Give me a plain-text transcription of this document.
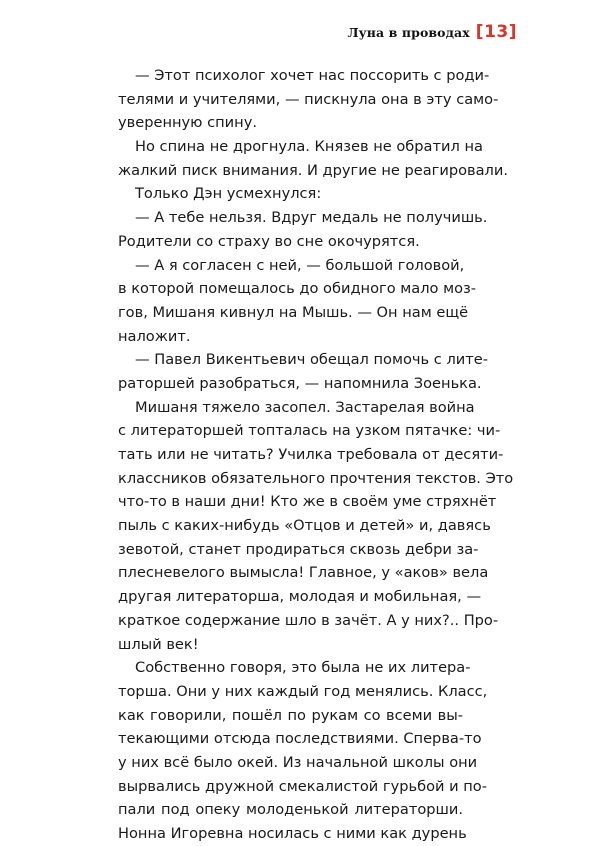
Луна в проводах [13]
— Этот психолог хочет нас поссорить с роди-
телями и учителями, — пискнула она в эту само-
уверенную спину.
Но спина не дрогнула. Князев не обратил на
жалкий писк внимания. И другие не реагировали.
Только Дэн усмехнулся:
— А тебе нельзя. Вдруг медаль не получишь.
Родители со страху во сне окочурятся.
— А я согласен с ней, — большой головой,
в которой помещалось до обидного мало моз-
гов, Мишаня кивнул на Мышь. — Он нам ещё
наложит.
— Павел Викентьевич обещал помочь с лите-
ратоpшей разобраться, — напомнила Зоенька.
Мишаня тяжело засопел. Застарелая война
с литераторшей топталась на узком пятачке: чи-
тать или не читать? Училка требовала от десяти-
классников обязательного прочтения текстов. Это
что-то в наши дни! Кто же в своём уме стряхнёт
пыль с каких-нибудь «Отцов и детей» и, давясь
зевотой, станет продираться сквозь дебри за-
плесневелого вымысла! Главное, у «аков» вела
другая литераторша, молодая и мобильная, —
краткое содержание шло в зачёт. А у них?.. Про-
шлый век!
Собственно говоря, это была не их литера-
торша. Они у них каждый год менялись. Класс,
как говорили, пошёл по рукам со всеми вы-
текающими отсюда последствиями. Сперва-то
у них всё было окей. Из начальной школы они
вырвались дружной смекалистой гурьбой и по-
пали под опеку молоденькой литераторши.
Нонна Игоревна носилась с ними как дурень
